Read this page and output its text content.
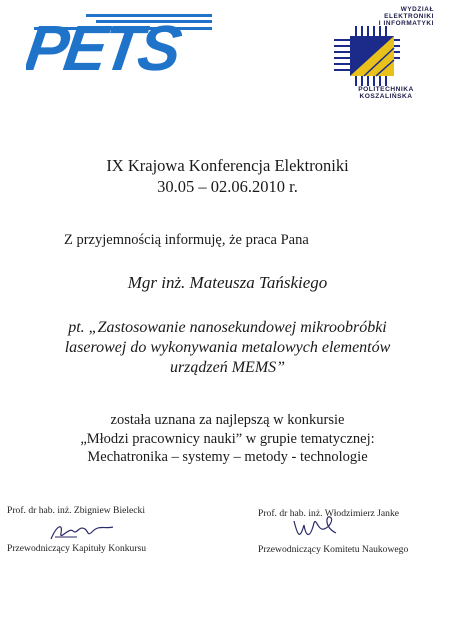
PETS
WYDZIAŁ
ELEKTRONIKI
I INFORMATYKI
POLITECHNIKA
KOSZALIŃSKA
IX Krajowa Konferencja Elektroniki
30.05 – 02.06.2010 r.
Z przyjemnością informuję, że praca Pana
Mgr inż. Mateusza Tańskiego
pt. „Zastosowanie nanosekundowej mikroobróbki
laserowej do wykonywania metalowych elementów
urządzeń MEMS”
została uznana za najlepszą w konkursie
„Młodzi pracownicy nauki” w grupie tematycznej:
Mechatronika – systemy – metody - technologie
Prof. dr hab. inż. Zbigniew Bielecki
Przewodniczący Kapituły Konkursu
Prof. dr hab. inż. Włodzimierz Janke
Przewodniczący Komitetu Naukowego
